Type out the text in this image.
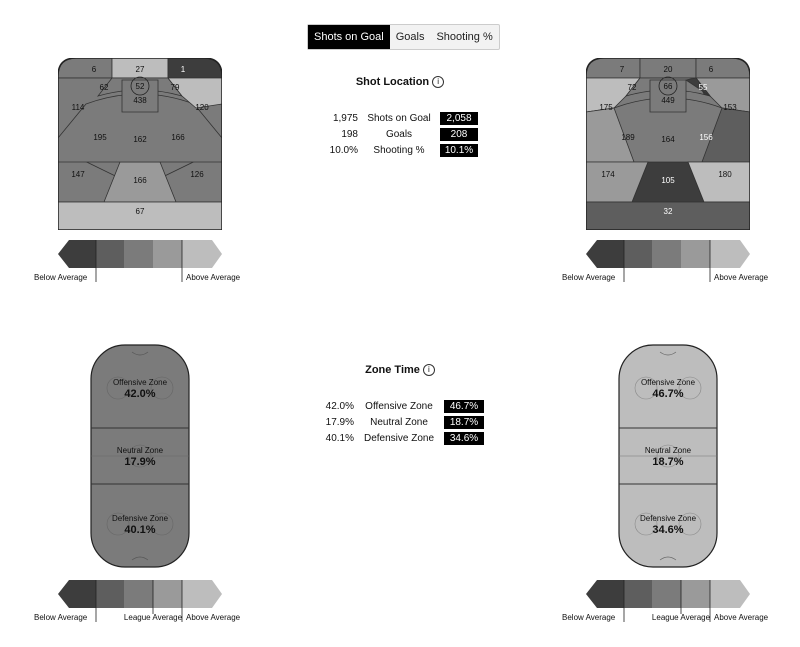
Shots on Goal	Goals	Shooting %
Shot Location i
1,975 Shots on Goal	2,058
198	Goals	208
10.0%	Shooting %	10.1%
Zone Time i
42.0%	Offensive Zone	46.7%
17.9%	Neutral Zone	18.7%
40.1% Defensive Zone	34.6%
6	27	1
52
62	79
438
114	120
195	162	166
147
166
126
67
7	20	6
66
72	55
449
175	153
189	164	156
174
105
180
32
Below Average	Above Average	Below Average	Above Average
Offensive Zone
42.0%
Neutral Zone
17.9%
Defensive Zone
40.1%
Offensive Zone
46.7%
Neutral Zone
18.7%
Defensive Zone
34.6%
Below Average	League Average Above Average	Below Average	League Average Above Average
